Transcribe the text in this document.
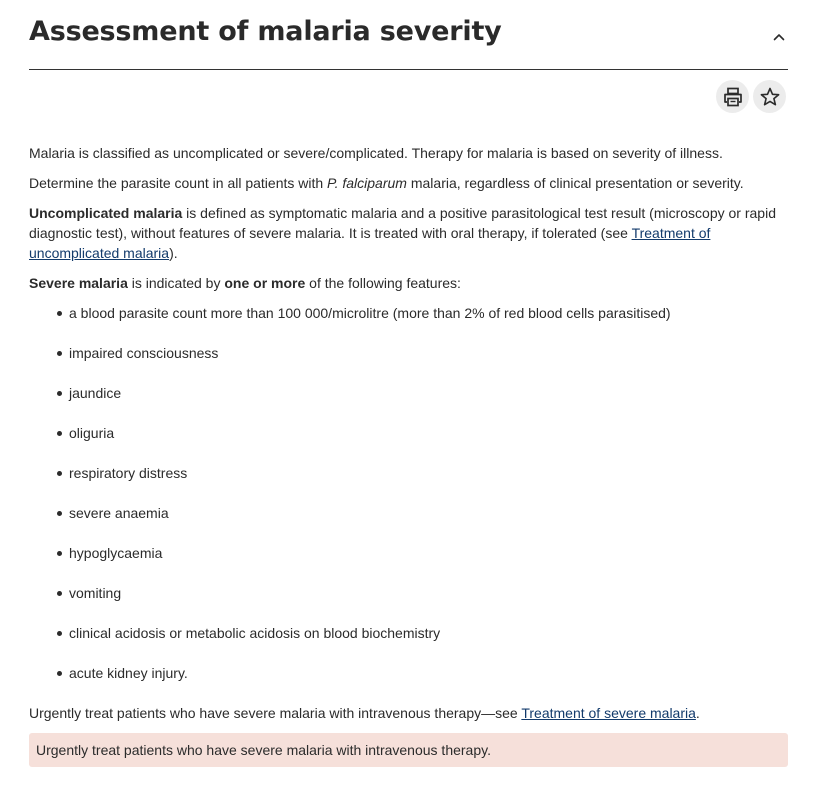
Assessment of malaria severity

Malaria is classified as uncomplicated or severe/complicated. Therapy for malaria is based on severity of illness.

Determine the parasite count in all patients with P. falciparum malaria, regardless of clinical presentation or severity.

Uncomplicated malaria is defined as symptomatic malaria and a positive parasitological test result (microscopy or rapid diagnostic test), without features of severe malaria. It is treated with oral therapy, if tolerated (see Treatment of uncomplicated malaria).

Severe malaria is indicated by one or more of the following features:

a blood parasite count more than 100 000/microlitre (more than 2% of red blood cells parasitised)
impaired consciousness
jaundice
oliguria
respiratory distress
severe anaemia
hypoglycaemia
vomiting
clinical acidosis or metabolic acidosis on blood biochemistry
acute kidney injury.

Urgently treat patients who have severe malaria with intravenous therapy—see Treatment of severe malaria.

Urgently treat patients who have severe malaria with intravenous therapy.
